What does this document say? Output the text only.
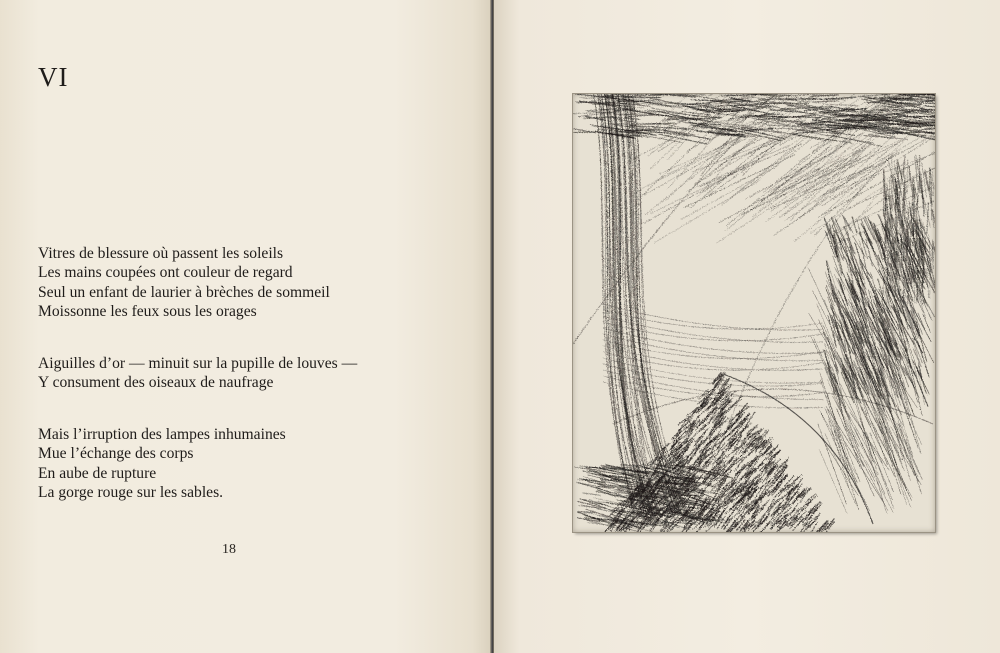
VI
Vitres de blessure où passent les soleils
Les mains coupées ont couleur de regard
Seul un enfant de laurier à brèches de sommeil
Moissonne les feux sous les orages
Aiguilles d’or — minuit sur la pupille de louves —
Y consument des oiseaux de naufrage
Mais l’irruption des lampes inhumaines
Mue l’échange des corps
En aube de rupture
La gorge rouge sur les sables.
18
